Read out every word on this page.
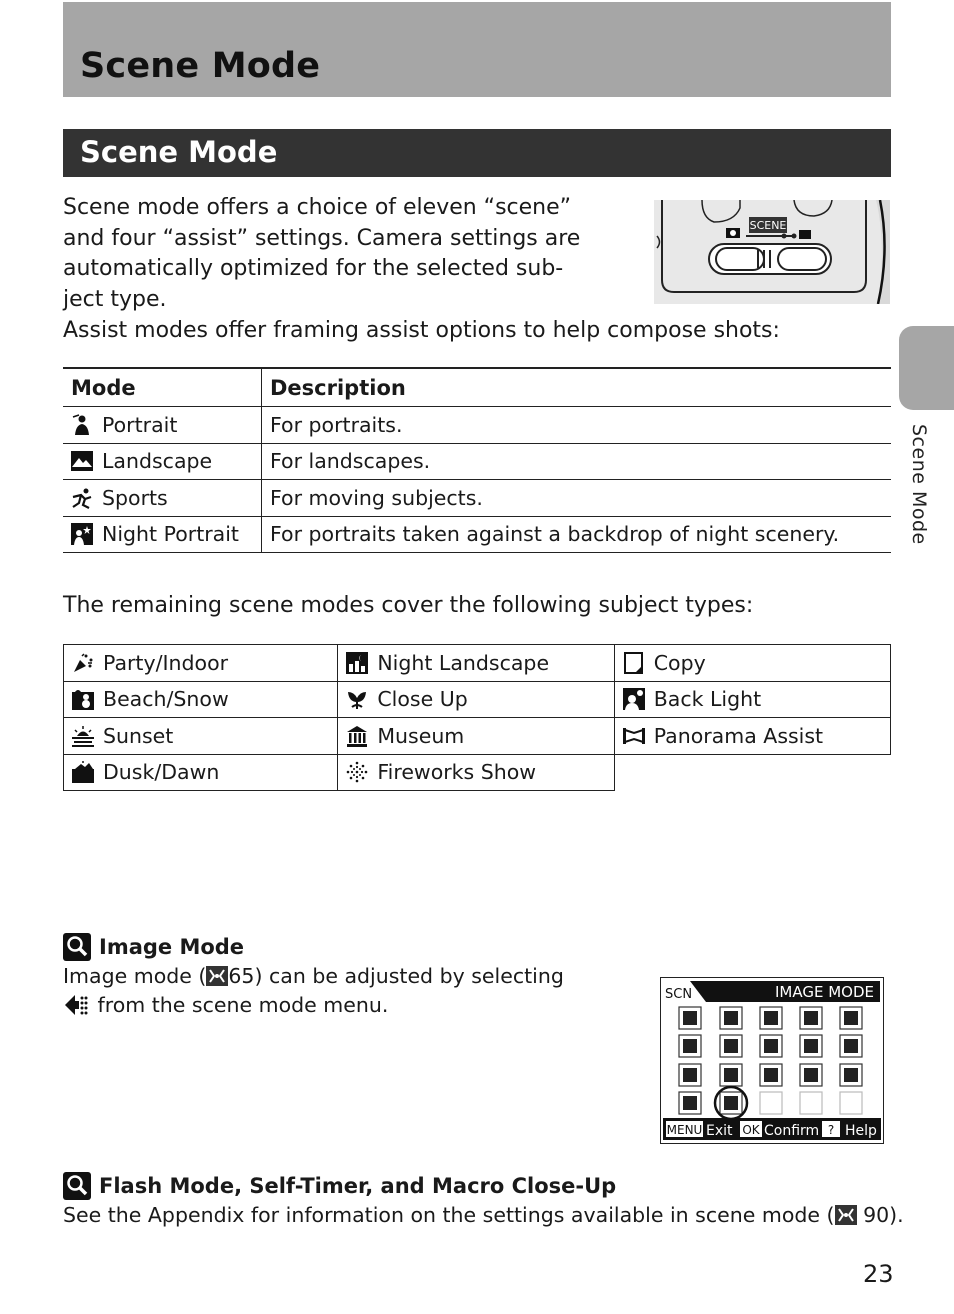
Scene Mode
Scene Mode
Scene Mode
Scene mode offers a choice of eleven “scene” and four “assist” settings. Camera settings are automatically optimized for the selected sub-ject type.
Assist modes offer framing assist options to help compose shots:
SCENE
Mode	Description
Portrait	For portraits.
Landscape	For landscapes.
Sports	For moving subjects.
Night Portrait	For portraits taken against a backdrop of night scenery.
The remaining scene modes cover the following subject types:
Party/Indoor	Night Landscape	Copy
Beach/Snow	Close Up	Back Light
Sunset	Museum	Panorama Assist
Dusk/Dawn	Fireworks Show	
Image Mode
Image mode ( 65) can be adjusted by selecting
from the scene mode menu.	SCN	IMAGE MODE
MENU Exit OK Confirm ? Help
Flash Mode, Self-Timer, and Macro Close-Up
See the Appendix for information on the settings available in scene mode ( 90).
23
